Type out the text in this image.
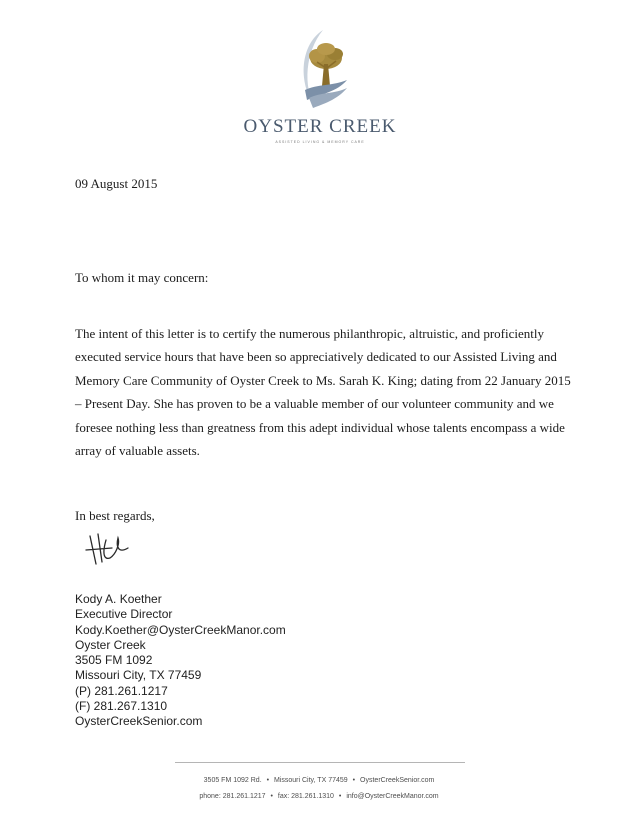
OYSTER CREEK
ASSISTED LIVING & MEMORY CARE
09 August 2015
To whom it may concern:
The intent of this letter is to certify the numerous philanthropic, altruistic, and proficiently executed service hours that have been so appreciatively dedicated to our Assisted Living and Memory Care Community of Oyster Creek to Ms. Sarah K. King; dating from 22 January 2015 – Present Day. She has proven to be a valuable member of our volunteer community and we foresee nothing less than greatness from this adept individual whose talents encompass a wide array of valuable assets.
In best regards,
Kody A. Koether
Executive Director
Kody.Koether@OysterCreekManor.com
Oyster Creek
3505 FM 1092
Missouri City, TX 77459
(P) 281.261.1217
(F) 281.267.1310
OysterCreekSenior.com
3505 FM 1092 Rd. • Missouri City, TX 77459 • OysterCreekSenior.com
phone: 281.261.1217 • fax: 281.261.1310 • info@OysterCreekManor.com
